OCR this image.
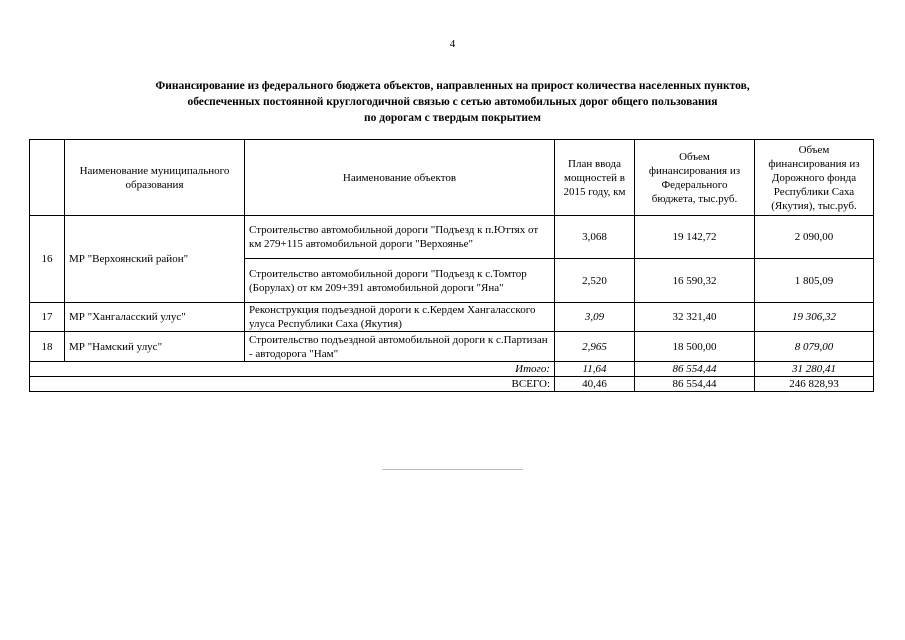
4
Финансирование из федерального бюджета объектов, направленных на прирост количества населенных пунктов,
обеспеченных постоянной круглогодичной связью с сетью автомобильных дорог общего пользования
по дорогам с твердым покрытием
	Наименование муниципального образования	Наименование объектов	План ввода мощностей в 2015 году, км	Объем финансирования из Федерального бюджета, тыс.руб.	Объем финансирования из Дорожного фонда Республики Саха (Якутия), тыс.руб.
16	МР "Верхоянский район"	Строительство автомобильной дороги "Подъезд к п.Юттях от км 279+115 автомобильной дороги "Верхоянье"	3,068	19 142,72	2 090,00
		Строительство автомобильной дороги "Подъезд к с.Томтор (Борулах) от км 209+391 автомобильной дороги "Яна"	2,520	16 590,32	1 805,09
17	МР "Хангаласский улус"	Реконструкция подъездной дороги к с.Кердем Хангаласского улуса Республики Саха (Якутия)	3,09	32 321,40	19 306,32
18	МР "Намский улус"	Строительство подъездной автомобильной дороги к с.Партизан - автодорога "Нам"	2,965	18 500,00	8 079,00
Итого:			11,64	86 554,44	31 280,41
ВСЕГО:			40,46	86 554,44	246 828,93
